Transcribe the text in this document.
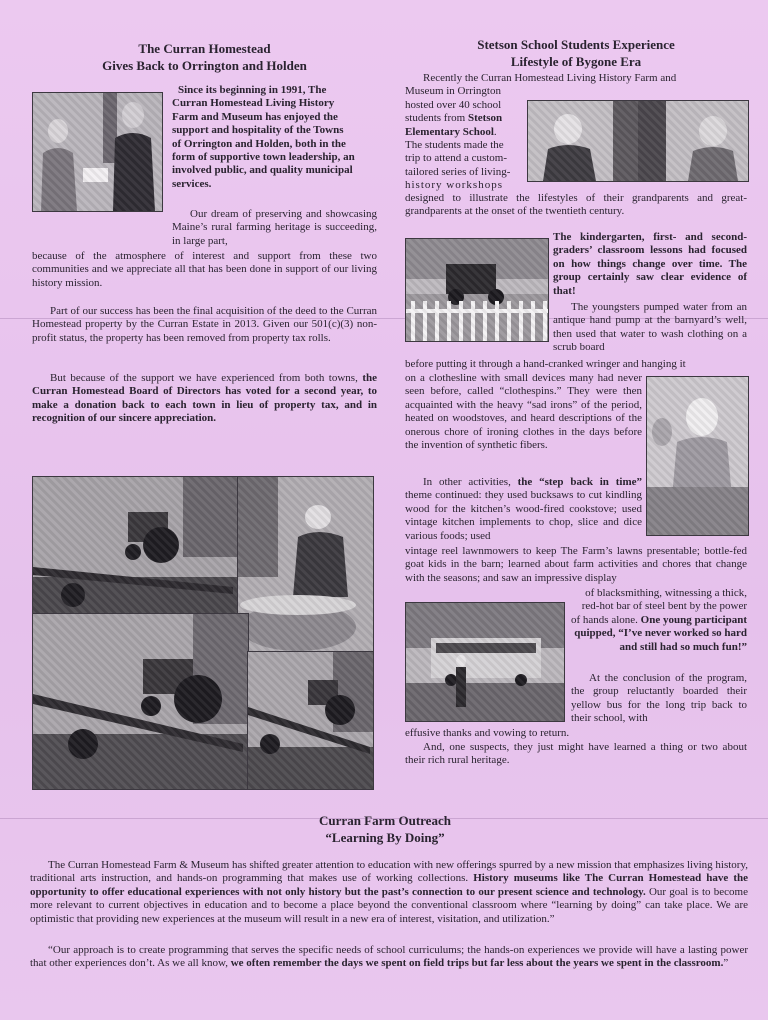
The Curran Homestead
Gives Back to Orrington and Holden
Since its beginning in 1991, The
Curran Homestead Living History
Farm and Museum has enjoyed the
support and hospitality of the Towns
of Orrington and Holden, both in the
form of supportive town leadership, an
involved public, and quality municipal
services.

Our dream of preserving and showcasing Maine’s rural farming heritage is succeeding, in large part,

because of the atmosphere of interest and support from these two communities and we appreciate all that has been done in support of our living history mission.

Part of our success has been the final acquisition of the deed to the Curran Homestead property by the Curran Estate in 2013. Given our 501(c)(3) non-profit status, the property has been removed from property tax rolls.

But because of the support we have experienced from both towns, the Curran Homestead Board of Directors has voted for a second year, to make a donation back to each town in lieu of property tax, and in recognition of our sincere appreciation.

Stetson School Students Experience
Lifestyle of Bygone Era

Recently the Curran Homestead Living History Farm and

Museum in Orrington
hosted over 40 school
students from Stetson
Elementary School.
The students made the
trip to attend a custom-
tailored series of living-
history workshops

designed to illustrate the lifestyles of their grandparents and great-grandparents at the onset of the twentieth century.

The kindergarten, first- and second-graders’ classroom lessons had focused on how things change over time. The group certainly saw clear evidence of that!

The youngsters pumped water from an antique hand pump at the barnyard’s well, then used that water to wash clothing on a scrub board

before putting it through a hand-cranked wringer and hanging it

on a clothesline with small devices many had never seen before, called “clothespins.” They were then acquainted with the heavy “sad irons” of the period, heated on woodstoves, and heard descriptions of the onerous chore of ironing clothes in the days before the invention of synthetic fibers.

In other activities, the “step back in time” theme continued: they used bucksaws to cut kindling wood for the kitchen’s wood-fired cookstove; used vintage kitchen implements to chop, slice and dice various foods; used

vintage reel lawnmowers to keep The Farm’s lawns presentable; bottle-fed goat kids in the barn; learned about farm activities and chores that change with the seasons; and saw an impressive display

of blacksmithing, witnessing a thick, red-hot bar of steel bent by the power of hands alone. One young participant quipped, “I’ve never worked so hard and still had so much fun!”

At the conclusion of the program, the group reluctantly boarded their yellow bus for the long trip back to their school, with

effusive thanks and vowing to return.

And, one suspects, they just might have learned a thing or two about their rich rural heritage.

Curran Farm Outreach
“Learning By Doing”

The Curran Homestead Farm & Museum has shifted greater attention to education with new offerings spurred by a new mission that emphasizes living history, traditional arts instruction, and hands-on programming that makes use of working collections. History museums like The Curran Homestead have the opportunity to offer educational experiences with not only history but the past’s connection to our present science and technology. Our goal is to become more relevant to current objectives in education and to become a place beyond the conventional classroom where “learning by doing” can take place. We are optimistic that providing new experiences at the museum will result in a new era of interest, visitation, and utilization.”

“Our approach is to create programming that serves the specific needs of school curriculums; the hands-on experiences we provide will have a lasting power that other experiences don’t. As we all know, we often remember the days we spent on field trips but far less about the years we spent in the classroom.”
